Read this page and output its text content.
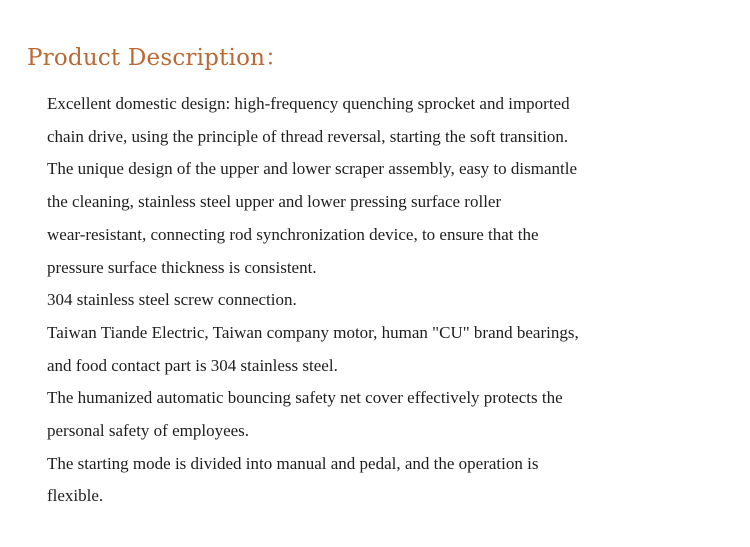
Product Description：
Excellent domestic design: high-frequency quenching sprocket and imported
chain drive, using the principle of thread reversal, starting the soft transition.
The unique design of the upper and lower scraper assembly, easy to dismantle
the cleaning, stainless steel upper and lower pressing surface roller
wear-resistant, connecting rod synchronization device, to ensure that the
pressure surface thickness is consistent.
304 stainless steel screw connection.
Taiwan Tiande Electric, Taiwan company motor, human "CU" brand bearings,
and food contact part is 304 stainless steel.
The humanized automatic bouncing safety net cover effectively protects the
personal safety of employees.
The starting mode is divided into manual and pedal, and the operation is
flexible.
